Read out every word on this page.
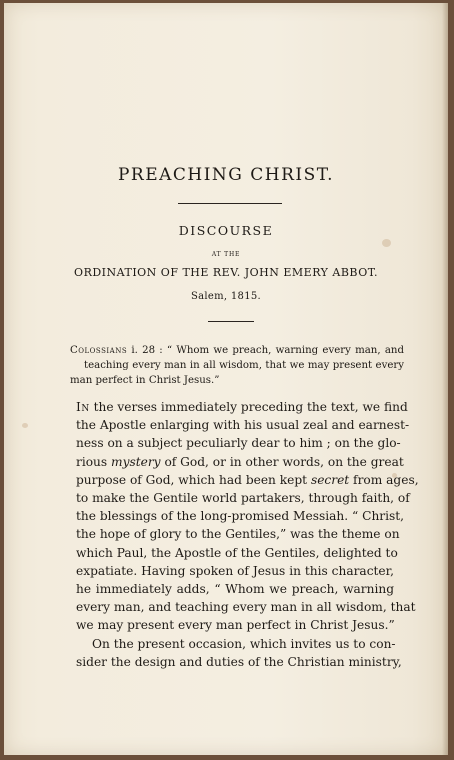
PREACHING CHRIST.
DISCOURSE
AT THE
ORDINATION OF THE REV. JOHN EMERY ABBOT.
Salem, 1815.
Colossians i. 28 : “ Whom we preach, warning every man, and
teaching every man in all wisdom, that we may present every
man perfect in Christ Jesus.”
In the verses immediately preceding the text, we find
the Apostle enlarging with his usual zeal and earnest-
ness on a subject peculiarly dear to him ; on the glo-
rious mystery of God, or in other words, on the great
purpose of God, which had been kept secret from ages,
to make the Gentile world partakers, through faith, of
the blessings of the long-promised Messiah. “ Christ,
the hope of glory to the Gentiles,” was the theme on
which Paul, the Apostle of the Gentiles, delighted to
expatiate. Having spoken of Jesus in this character,
he immediately adds, “ Whom we preach, warning
every man, and teaching every man in all wisdom, that
we may present every man perfect in Christ Jesus.”
On the present occasion, which invites us to con-
sider the design and duties of the Christian ministry,
